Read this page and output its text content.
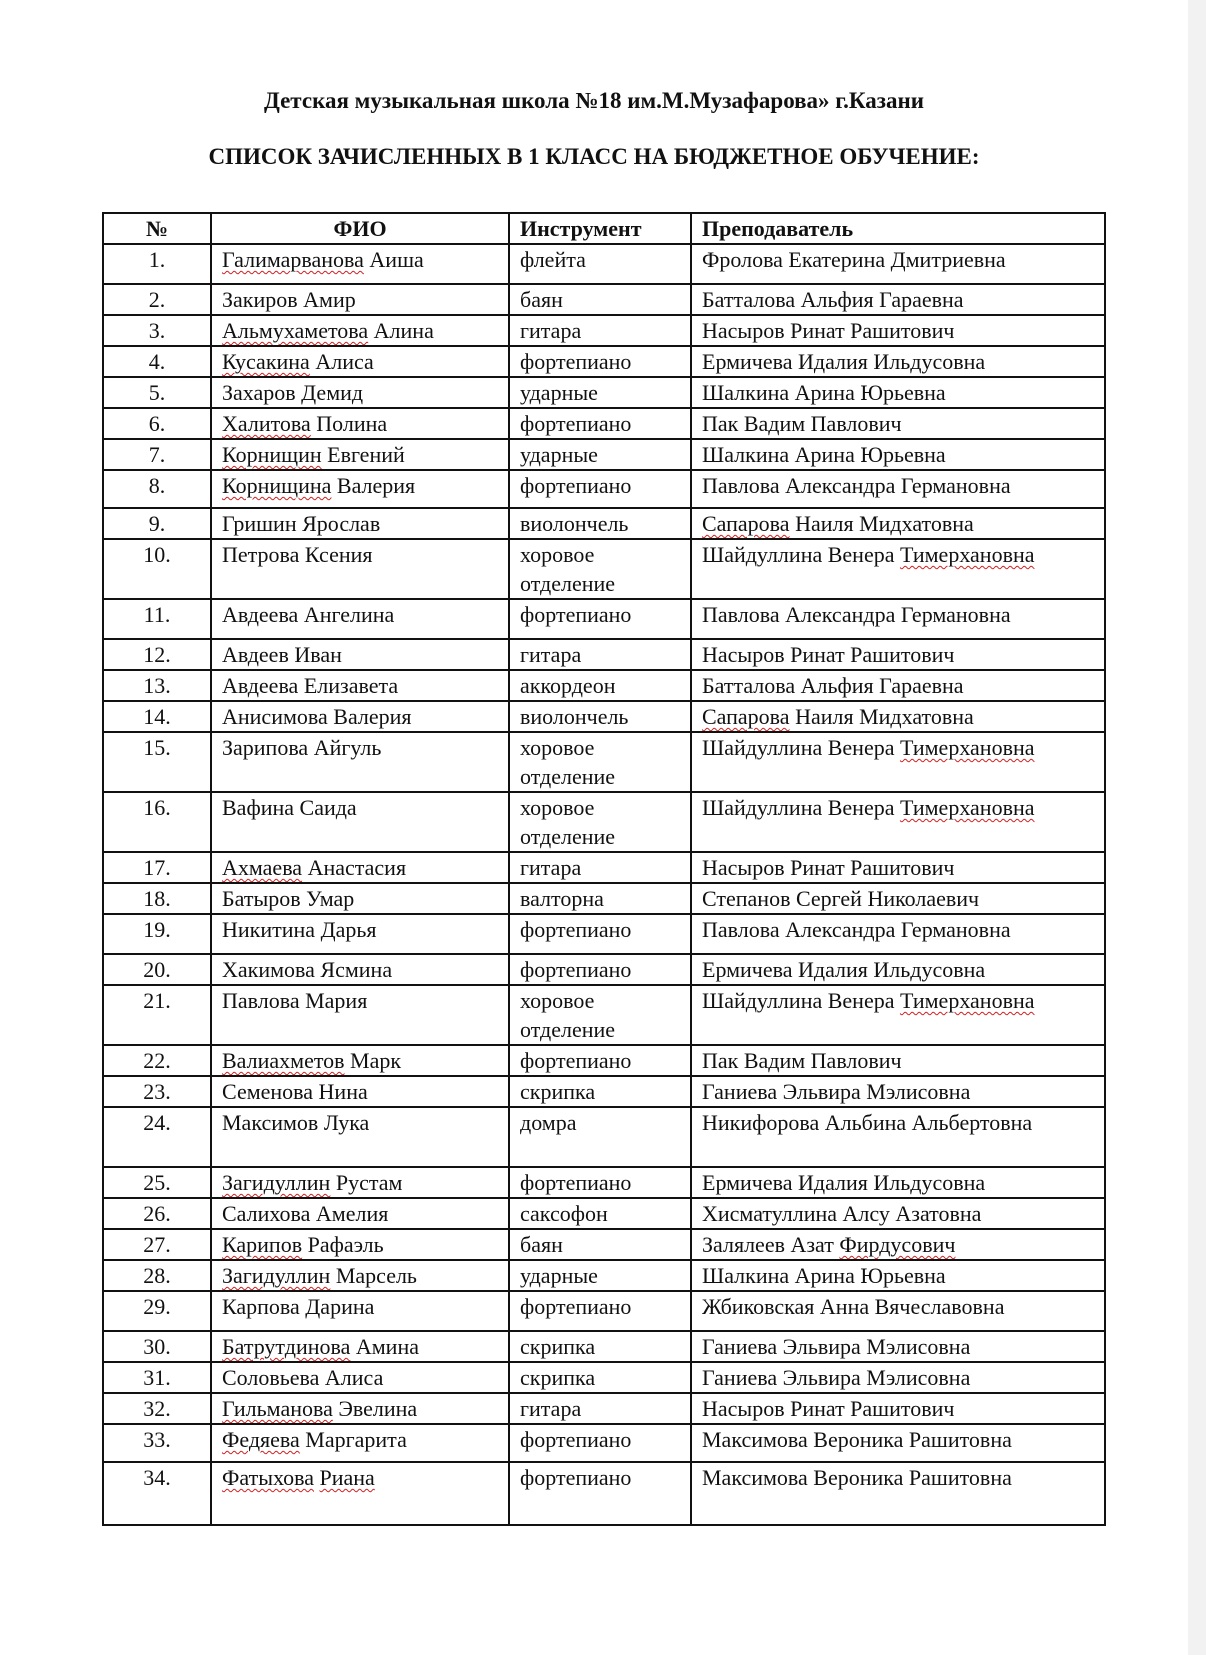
Детская музыкальная школа №18 им.М.Музафарова» г.Казани
СПИСОК ЗАЧИСЛЕННЫХ В 1 КЛАСС НА БЮДЖЕТНОЕ ОБУЧЕНИЕ:
№	ФИО	Инструмент	Преподаватель
1.	Галимарванова Аиша	флейта	Фролова Екатерина Дмитриевна
2.	Закиров Амир	баян	Батталова Альфия Гараевна
3.	Альмухаметова Алина	гитара	Насыров Ринат Рашитович
4.	Кусакина Алиса	фортепиано	Ермичева Идалия Ильдусовна
5.	Захаров Демид	ударные	Шалкина Арина Юрьевна
6.	Халитова Полина	фортепиано	Пак Вадим Павлович
7.	Корнищин Евгений	ударные	Шалкина Арина Юрьевна
8.	Корнищина Валерия	фортепиано	Павлова Александра Германовна
9.	Гришин Ярослав	виолончель	Сапарова Наиля Мидхатовна
10.	Петрова Ксения	хоровое отделение	Шайдуллина Венера Тимерхановна
11.	Авдеева Ангелина	фортепиано	Павлова Александра Германовна
12.	Авдеев Иван	гитара	Насыров Ринат Рашитович
13.	Авдеева Елизавета	аккордеон	Батталова Альфия Гараевна
14.	Анисимова Валерия	виолончель	Сапарова Наиля Мидхатовна
15.	Зарипова Айгуль	хоровое отделение	Шайдуллина Венера Тимерхановна
16.	Вафина Саида	хоровое отделение	Шайдуллина Венера Тимерхановна
17.	Ахмаева Анастасия	гитара	Насыров Ринат Рашитович
18.	Батыров Умар	валторна	Степанов Сергей Николаевич
19.	Никитина Дарья	фортепиано	Павлова Александра Германовна
20.	Хакимова Ясмина	фортепиано	Ермичева Идалия Ильдусовна
21.	Павлова Мария	хоровое отделение	Шайдуллина Венера Тимерхановна
22.	Валиахметов Марк	фортепиано	Пак Вадим Павлович
23.	Семенова Нина	скрипка	Ганиева Эльвира Мэлисовна
24.	Максимов Лука	домра	Никифорова Альбина Альбертовна
25.	Загидуллин Рустам	фортепиано	Ермичева Идалия Ильдусовна
26.	Салихова Амелия	саксофон	Хисматуллина Алсу Азатовна
27.	Карипов Рафаэль	баян	Залялеев Азат Фирдусович
28.	Загидуллин Марсель	ударные	Шалкина Арина Юрьевна
29.	Карпова Дарина	фортепиано	Жбиковская Анна Вячеславовна
30.	Батрутдинова Амина	скрипка	Ганиева Эльвира Мэлисовна
31.	Соловьева Алиса	скрипка	Ганиева Эльвира Мэлисовна
32.	Гильманова Эвелина	гитара	Насыров Ринат Рашитович
33.	Федяева Маргарита	фортепиано	Максимова Вероника Рашитовна
34.	Фатыхова Риана	фортепиано	Максимова Вероника Рашитовна
